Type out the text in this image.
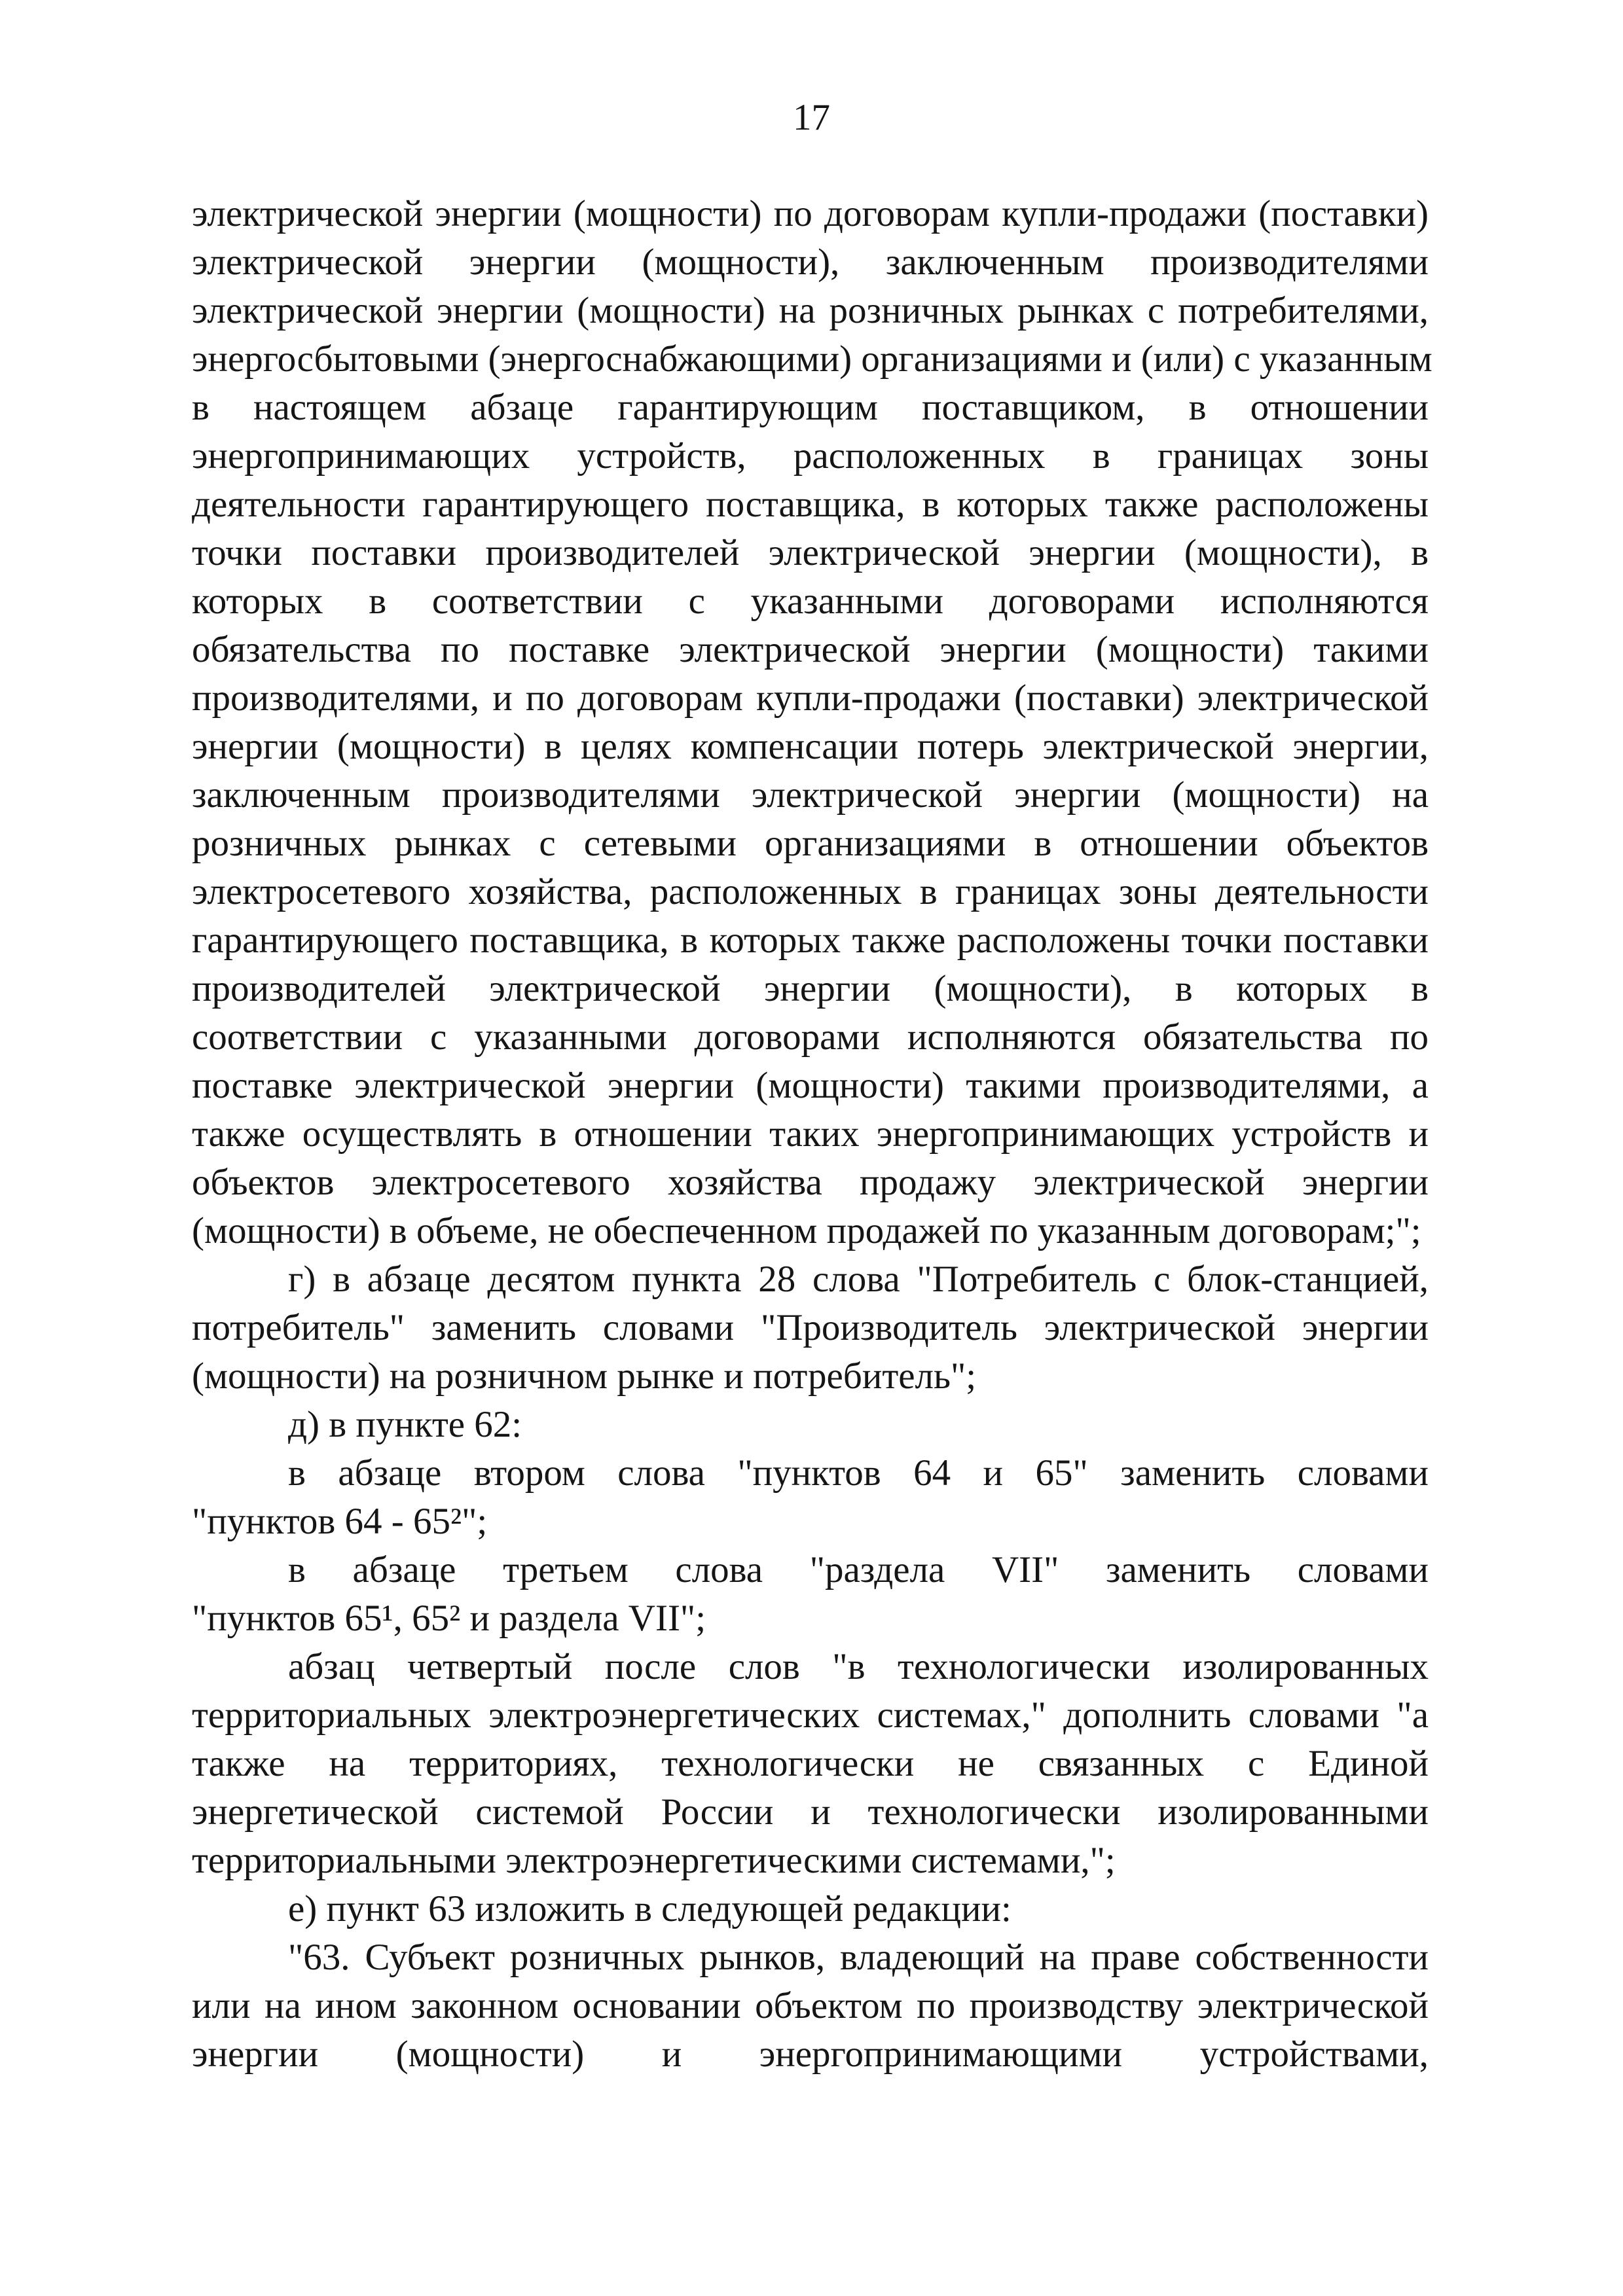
17
электрической энергии (мощности) по договорам купли-продажи (поставки)
электрической энергии (мощности), заключенным производителями
электрической энергии (мощности) на розничных рынках с потребителями,
энергосбытовыми (энергоснабжающими) организациями и (или) с указанным
в настоящем абзаце гарантирующим поставщиком, в отношении
энергопринимающих устройств, расположенных в границах зоны
деятельности гарантирующего поставщика, в которых также расположены
точки поставки производителей электрической энергии (мощности), в
которых в соответствии с указанными договорами исполняются
обязательства по поставке электрической энергии (мощности) такими
производителями, и по договорам купли-продажи (поставки) электрической
энергии (мощности) в целях компенсации потерь электрической энергии,
заключенным производителями электрической энергии (мощности) на
розничных рынках с сетевыми организациями в отношении объектов
электросетевого хозяйства, расположенных в границах зоны деятельности
гарантирующего поставщика, в которых также расположены точки поставки
производителей электрической энергии (мощности), в которых в
соответствии с указанными договорами исполняются обязательства по
поставке электрической энергии (мощности) такими производителями, а
также осуществлять в отношении таких энергопринимающих устройств и
объектов электросетевого хозяйства продажу электрической энергии
(мощности) в объеме, не обеспеченном продажей по указанным договорам;";
г) в абзаце десятом пункта 28 слова "Потребитель с блок-станцией,
потребитель" заменить словами "Производитель электрической энергии
(мощности) на розничном рынке и потребитель";
д) в пункте 62:
в абзаце втором слова "пунктов 64 и 65" заменить словами
"пунктов 64 - 65²";
в абзаце третьем слова "раздела VII" заменить словами
"пунктов 65¹, 65² и раздела VII";
абзац четвертый после слов "в технологически изолированных
территориальных электроэнергетических системах," дополнить словами "а
также на территориях, технологически не связанных с Единой
энергетической системой России и технологически изолированными
территориальными электроэнергетическими системами,";
е) пункт 63 изложить в следующей редакции:
"63. Субъект розничных рынков, владеющий на праве собственности
или на ином законном основании объектом по производству электрической
энергии (мощности) и энергопринимающими устройствами,
